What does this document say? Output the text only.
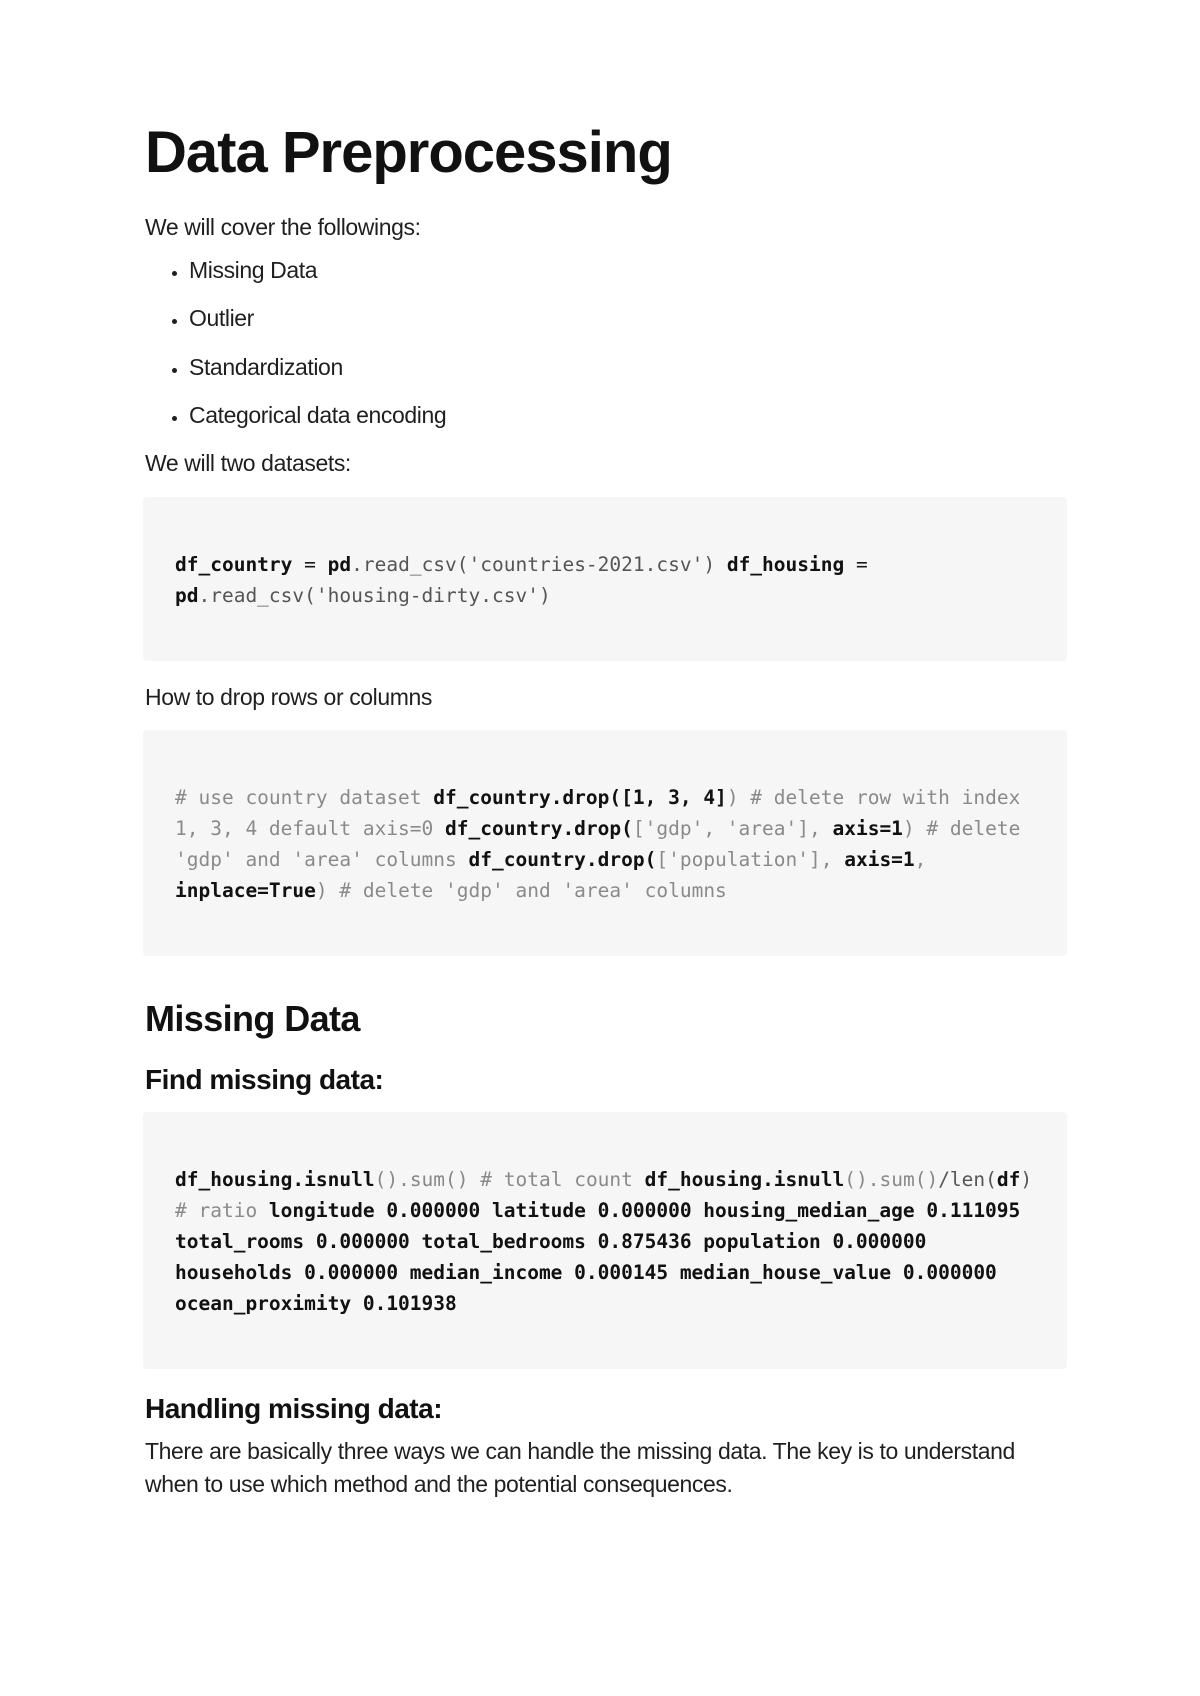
Data Preprocessing

We will cover the followings:

• Missing Data
• Outlier
• Standardization
• Categorical data encoding

We will two datasets:

df_country = pd.read_csv('countries-2021.csv') df_housing = pd.read_csv('housing-dirty.csv')

How to drop rows or columns

# use country dataset df_country.drop([1, 3, 4]) # delete row with index 1, 3, 4 default axis=0 df_country.drop(['gdp', 'area'], axis=1) # delete 'gdp' and 'area' columns df_country.drop(['population'], axis=1, inplace=True) # delete 'gdp' and 'area' columns
Missing Data
Find missing data:
df_housing.isnull().sum() # total count df_housing.isnull().sum()/len(df) # ratio longitude 0.000000 latitude 0.000000 housing_median_age 0.111095 total_rooms 0.000000 total_bedrooms 0.875436 population 0.000000 households 0.000000 median_income 0.000145 median_house_value 0.000000 ocean_proximity 0.101938
Handling missing data:

There are basically three ways we can handle the missing data. The key is to understand when to use which method and the potential consequences.
